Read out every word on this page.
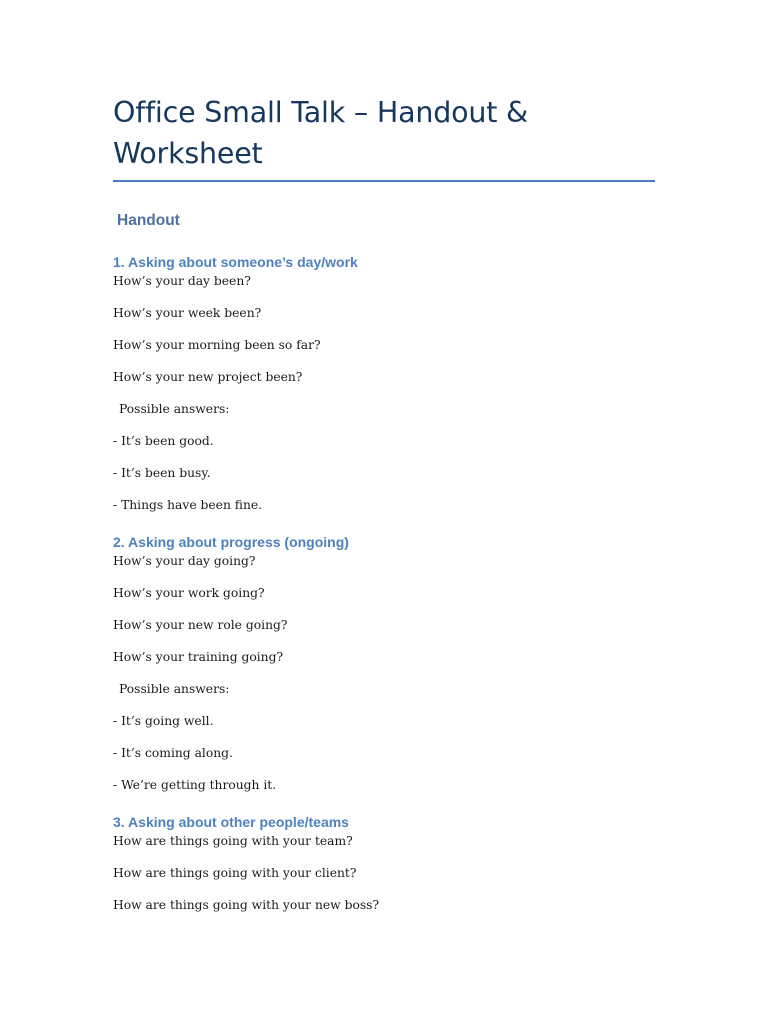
Office Small Talk – Handout & Worksheet
Handout
1. Asking about someone’s day/work

How’s your day been?

How’s your week been?

How’s your morning been so far?

How’s your new project been?

Possible answers:

- It’s been good.

- It’s been busy.

- Things have been fine.

2. Asking about progress (ongoing)

How’s your day going?

How’s your work going?

How’s your new role going?

How’s your training going?

Possible answers:

- It’s going well.

- It’s coming along.

- We’re getting through it.

3. Asking about other people/teams

How are things going with your team?

How are things going with your client?

How are things going with your new boss?
